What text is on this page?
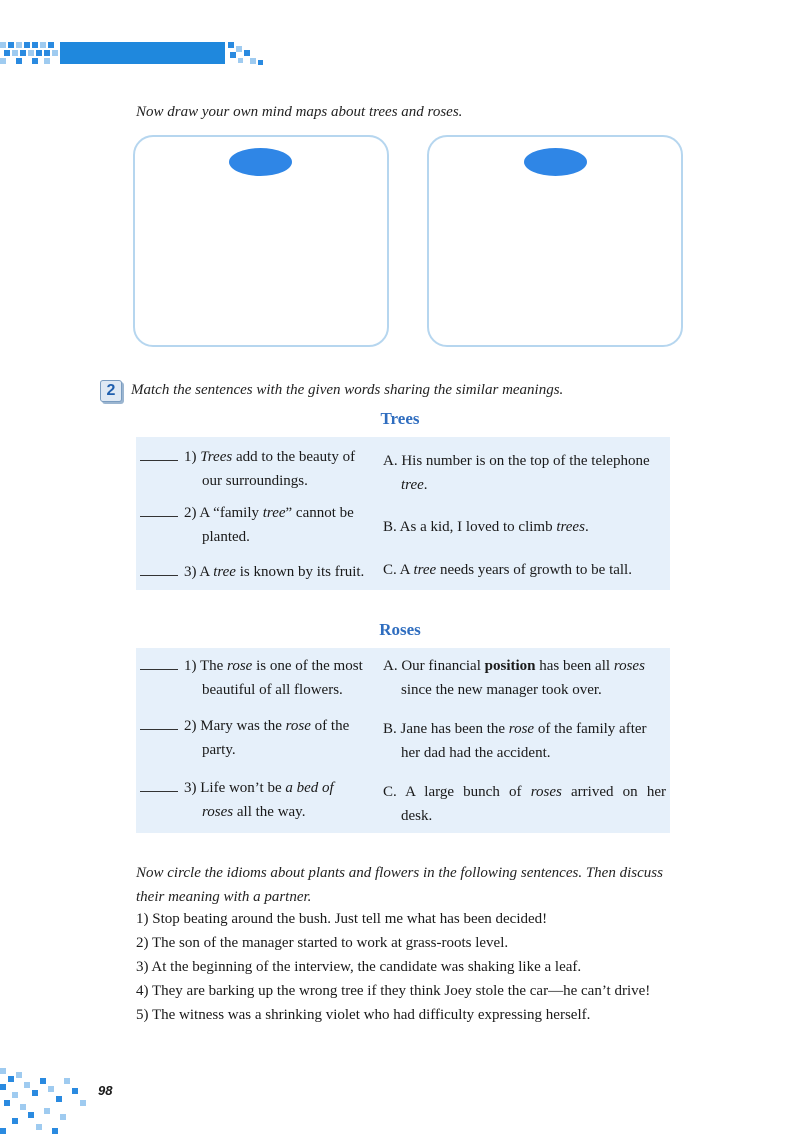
Now draw your own mind maps about trees and roses.
2	Match the sentences with the given words sharing the similar meanings.
Trees
1) Trees add to the beauty of
our surroundings.
A. His number is on the top of the telephone
tree.
2) A “family tree” cannot be
planted.
B. As a kid, I loved to climb trees.
3) A tree is known by its fruit.	C. A tree needs years of growth to be tall.
Roses
1) The rose is one of the most
beautiful of all flowers.
A. Our financial position has been all roses
since the new manager took over.
2) Mary was the rose of the
party.
B. Jane has been the rose of the family after
her dad had the accident.
3) Life won’t be a bed of
roses all the way.
C. A large bunch of roses arrived on her
desk.
Now circle the idioms about plants and flowers in the following sentences. Then discuss
their meaning with a partner.
1) Stop beating around the bush. Just tell me what has been decided!
2) The son of the manager started to work at grass-roots level.
3) At the beginning of the interview, the candidate was shaking like a leaf.
4) They are barking up the wrong tree if they think Joey stole the car—he can’t drive!
5) The witness was a shrinking violet who had difficulty expressing herself.
98
